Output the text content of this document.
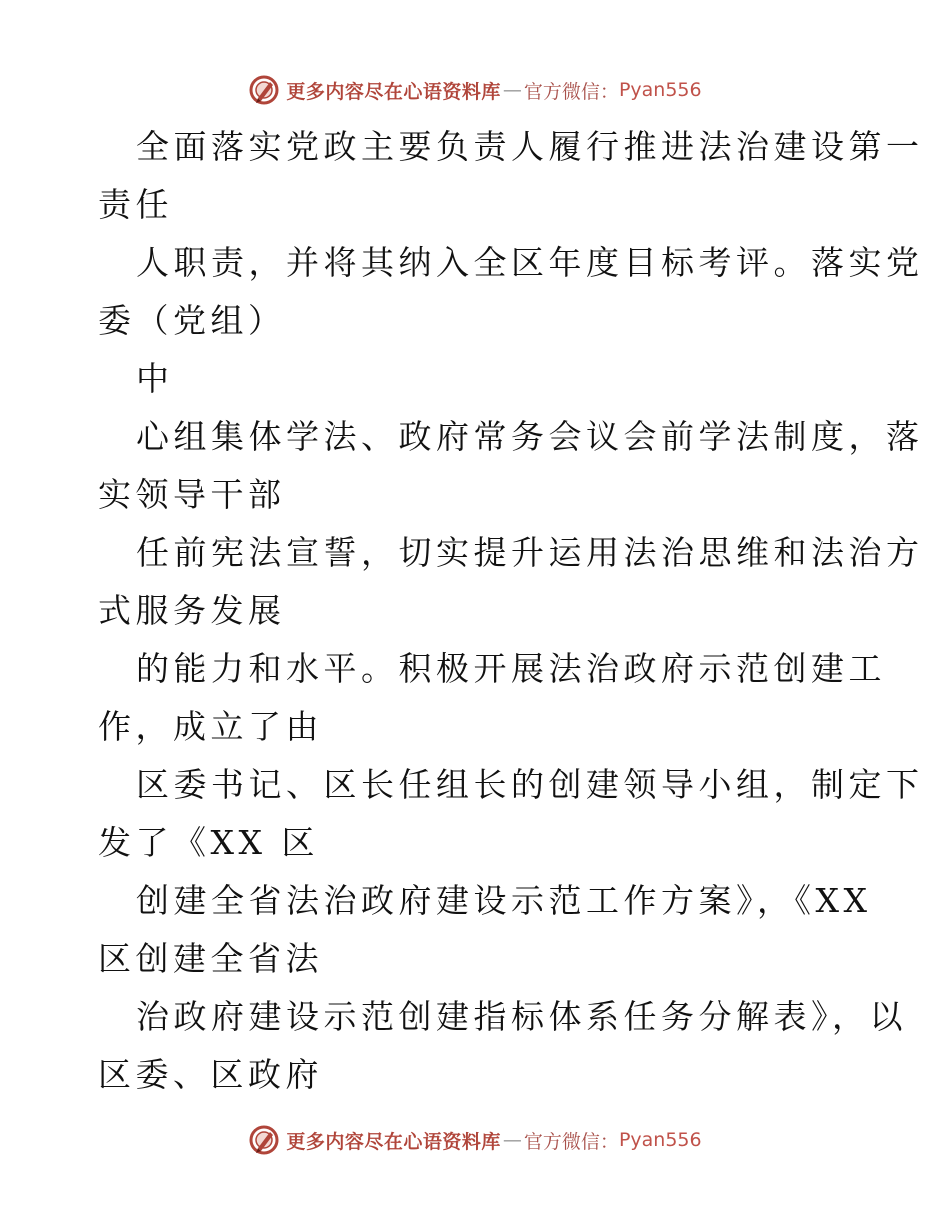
更多内容尽在心语资料库 — 官方微信： Pyan556
全面落实党政主要负责人履行推进法治建设第一
责任
人职责，并将其纳入全区年度目标考评。落实党
委（党组）
中
心组集体学法、政府常务会议会前学法制度，落
实领导干部
任前宪法宣誓，切实提升运用法治思维和法治方
式服务发展
的能力和水平。积极开展法治政府示范创建工
作，成立了由
区委书记、区长任组长的创建领导小组，制定下
发了《XX 区
创建全省法治政府建设示范工作方案》，《XX
区创建全省法
治政府建设示范创建指标体系任务分解表》，以
区委、区政府
更多内容尽在心语资料库 — 官方微信： Pyan556
